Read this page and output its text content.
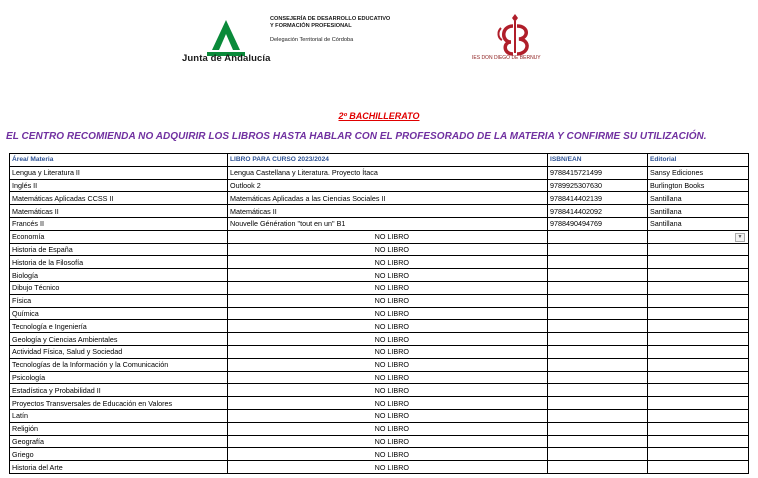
Junta de Andalucía
CONSEJERÍA DE DESARROLLO EDUCATIVO
Y FORMACIÓN PROFESIONAL
Delegación Territorial de Córdoba
IES DON DIEGO DE BERNUY
2º BACHILLERATO
EL CENTRO RECOMIENDA NO ADQUIRIR LOS LIBROS HASTA HABLAR CON EL PROFESORADO DE LA MATERIA Y CONFIRME SU UTILIZACIÓN.
Área/ Materia	LIBRO PARA CURSO 2023/2024	ISBN/EAN	Editorial
Lengua y Literatura II	Lengua Castellana y Literatura. Proyecto Ítaca	9788415721499	Sansy Ediciones
Inglés II	Outlook 2	9789925307630	Burlington Books
Matemáticas Aplicadas CCSS II	Matemáticas Aplicadas a las Ciencias Sociales II	9788414402139	Santillana
Matemáticas II	Matemáticas II	9788414402092	Santillana
Francés II	Nouvelle Génération "tout en un" B1	9788490494769	Santillana
Economía	NO LIBRO		▼

Historia de España	NO LIBRO		
Historia de la Filosofía	NO LIBRO		
Biología	NO LIBRO		
Dibujo Técnico	NO LIBRO		
Física	NO LIBRO		
Química	NO LIBRO		
Tecnología e Ingeniería	NO LIBRO		
Geología y Ciencias Ambientales	NO LIBRO		
Actividad Física, Salud y Sociedad	NO LIBRO		
Tecnologías de la Información y la Comunicación	NO LIBRO		
Psicología	NO LIBRO		
Estadística y Probabilidad II	NO LIBRO		
Proyectos Transversales de Educación en Valores	NO LIBRO		
Latín	NO LIBRO		
Religión	NO LIBRO		
Geografía	NO LIBRO		
Griego	NO LIBRO		
Historia del Arte	NO LIBRO		
